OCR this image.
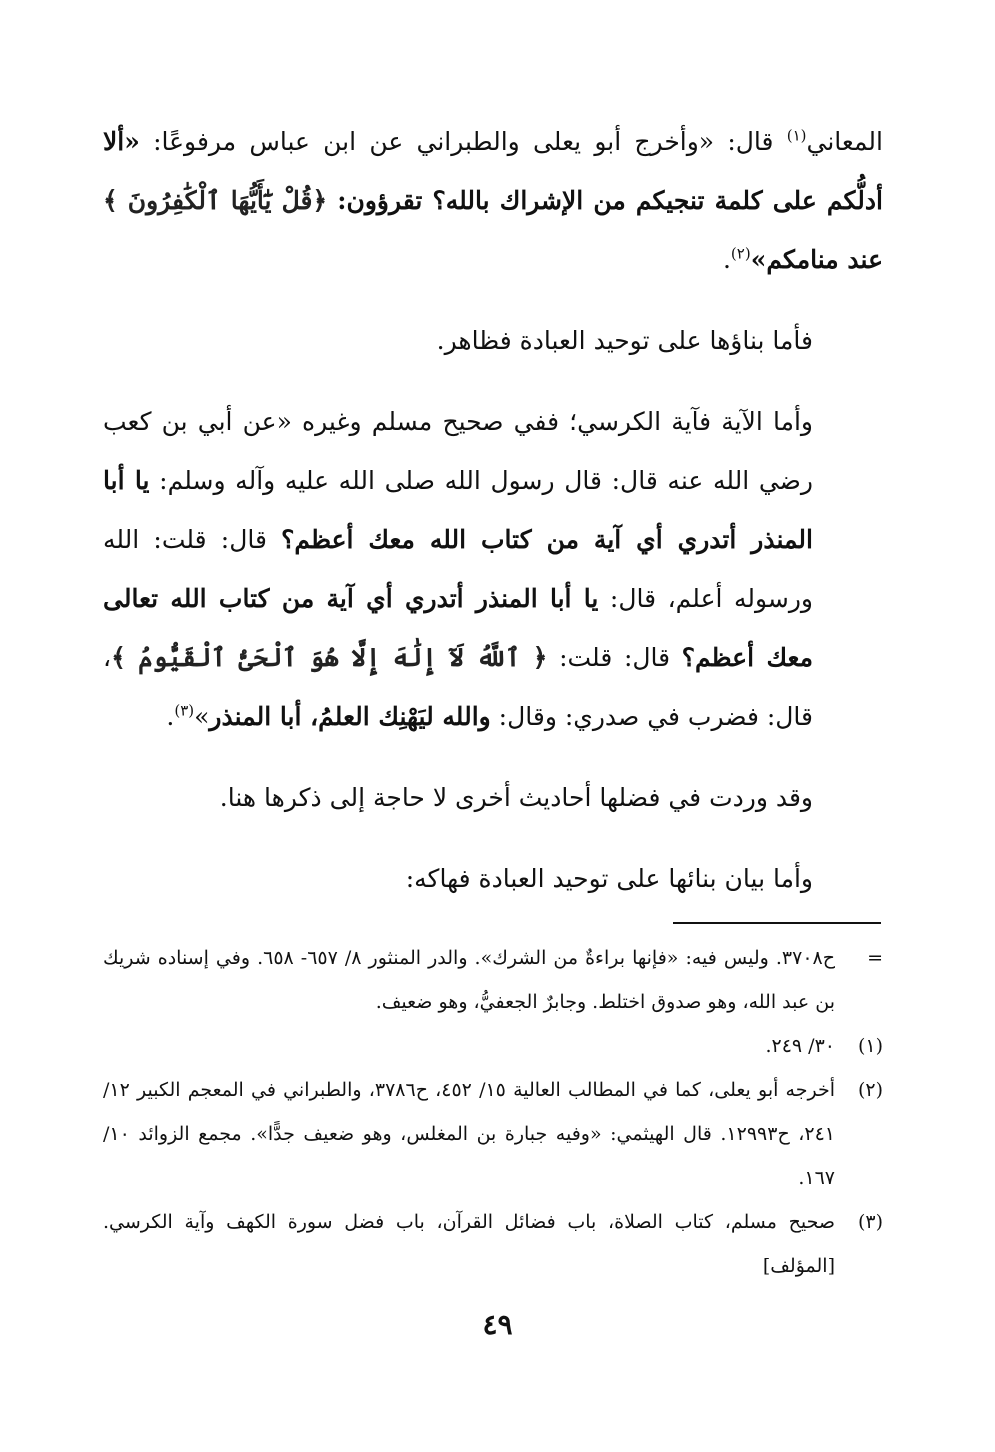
المعاني$^{(١)}$ قال: «وأخرج أبو يعلى والطبراني عن ابن عباس مرفوعًا: «ألا أدلُّكم على كلمة تنجيكم من الإشراك بالله؟ تقرؤون: ﴿قُلْ يَٰٓأَيُّهَا ٱلْكَٰفِرُونَ ﴾ عند منامكم»$^{(٢)}$.

فأما بناؤها على توحيد العبادة فظاهر.

وأما الآية فآية الكرسي؛ ففي صحيح مسلم وغيره «عن أبي بن كعب رضي الله عنه قال: قال رسول الله صلى الله عليه وآله وسلم: يا أبا المنذر أتدري أي آية من كتاب الله معك أعظم؟ قال: قلت: الله ورسوله أعلم، قال: يا أبا المنذر أتدري أي آية من كتاب الله تعالى معك أعظم؟ قال: قلت: ﴿ ٱللَّهُ لَآ إِلَٰهَ إِلَّا هُوَ ٱلْحَىُّ ٱلْقَيُّومُ ﴾، قال: فضرب في صدري: وقال: والله ليَهْنِك العلمُ، أبا المنذر»$^{(٣)}$.

وقد وردت في فضلها أحاديث أخرى لا حاجة إلى ذكرها هنا.

وأما بيان بنائها على توحيد العبادة فهاكه:

=
ح٣٧٠٨. وليس فيه: «فإنها براءةٌ من الشرك». والدر المنثور ٨/ ٦٥٧- ٦٥٨. وفي إسناده شريك بن عبد الله، وهو صدوق اختلط. وجابرٌ الجعفيُّ، وهو ضعيف.
(١)
٣٠/ ٢٤٩.
(٢)
أخرجه أبو يعلى، كما في المطالب العالية ١٥/ ٤٥٢، ح٣٧٨٦، والطبراني في المعجم الكبير ١٢/ ٢٤١، ح١٢٩٩٣. قال الهيثمي: «وفيه جبارة بن المغلس، وهو ضعيف جدًّا». مجمع الزوائد ١٠/ ١٦٧.
(٣)
صحيح مسلم، كتاب الصلاة، باب فضائل القرآن، باب فضل سورة الكهف وآية الكرسي. [المؤلف]
٤٩
